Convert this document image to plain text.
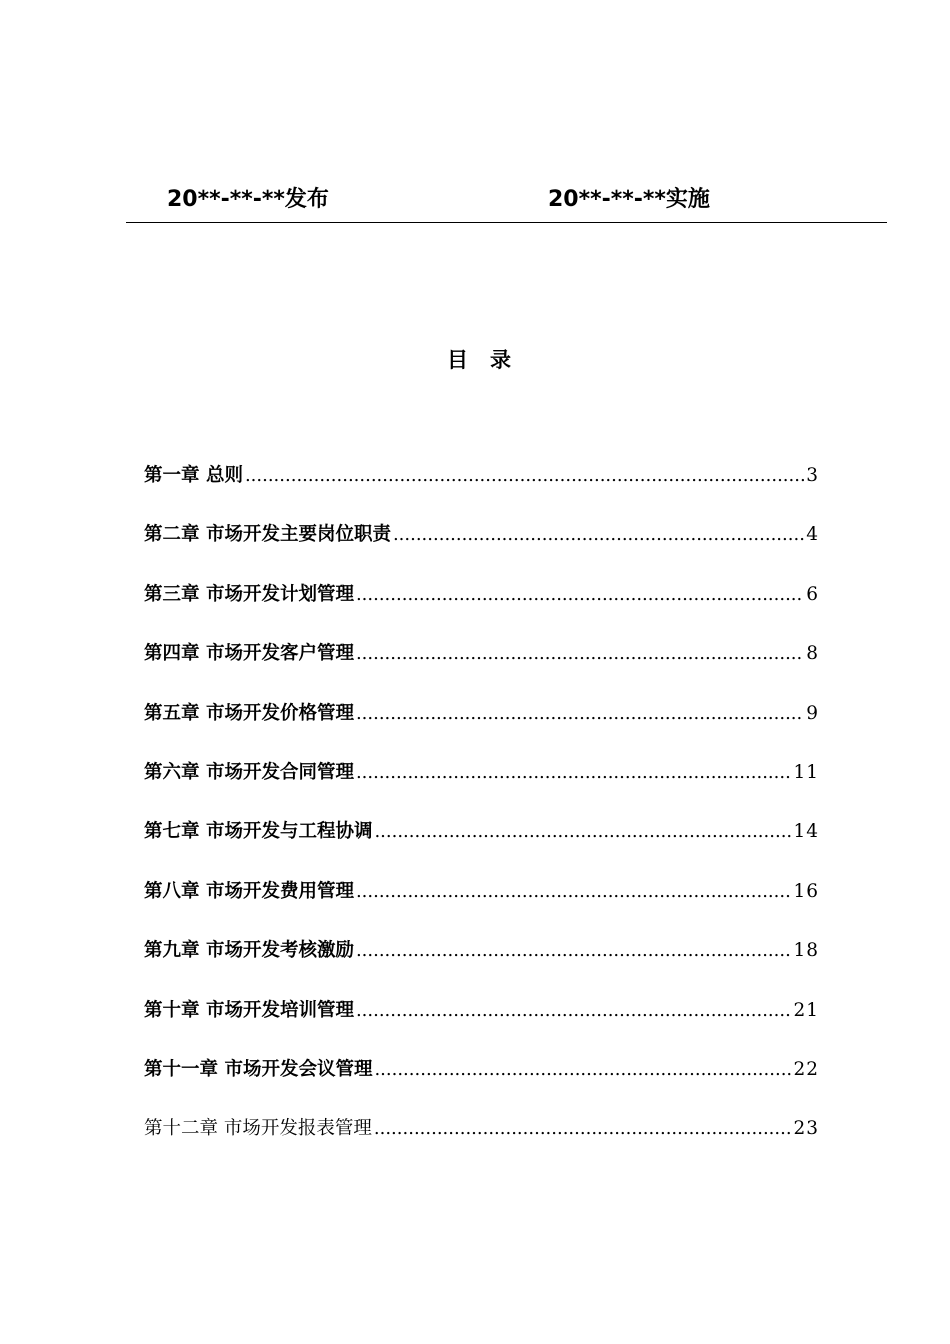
20**-**-**发布	20**-**-**实施
目录
第一章 总则 .....	3
第二章 市场开发主要岗位职责 .....	4
第三章 市场开发计划管理 .....	6
第四章 市场开发客户管理 .....	8
第五章 市场开发价格管理 .....	9
第六章 市场开发合同管理 .....	11
第七章 市场开发与工程协调 .....	14
第八章 市场开发费用管理 .....	16
第九章 市场开发考核激励 .....	18
第十章 市场开发培训管理 .....	21
第十一章 市场开发会议管理 .....	22
第十二章 市场开发报表管理 .....	23
